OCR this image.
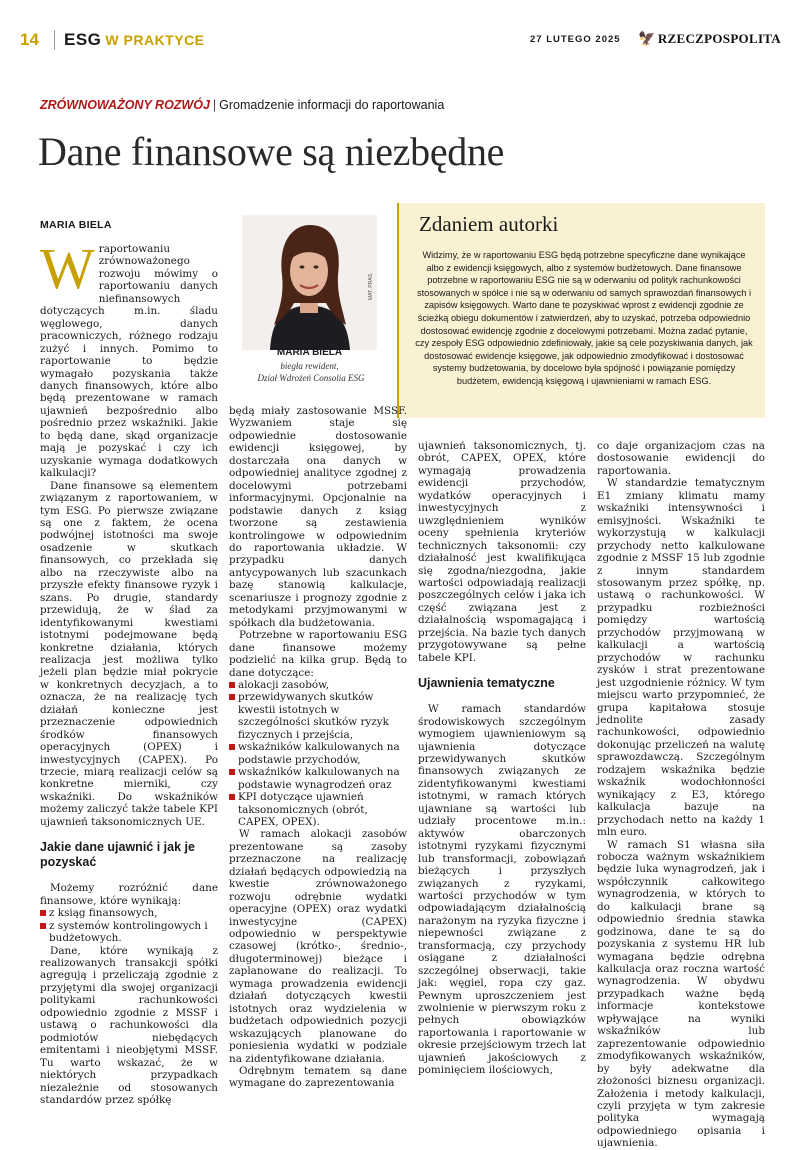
14 ESG W PRAKTYCE	27 LUTEGO 2025 🦅 RZECZPOSPOLITA
ZRÓWNOWAŻONY ROZWÓJ | Gromadzenie informacji do raportowania
Dane finansowe są niezbędne
MARIA BIELA

Wraportowaniu zrównoważonego rozwoju mówimy o raportowaniu danych niefinansowych dotyczących m.in. śladu węglowego, danych pracowniczych, różnego rodzaju zużyć i innych. Pomimo to raportowanie to będzie wymagało pozyskania także danych finansowych, które albo będą prezentowane w ramach ujawnień bezpośrednio albo pośrednio przez wskaźniki. Jakie to będą dane, skąd organizacje mają je pozyskać i czy ich uzyskanie wymaga dodatkowych kalkulacji?

Dane finansowe są elementem związanym z raportowaniem, w tym ESG. Po pierwsze związane są one z faktem, że ocena podwójnej istotności ma swoje osadzenie w skutkach finansowych, co przekłada się albo na rzeczywiste albo na przyszłe efekty finansowe ryzyk i szans. Po drugie, standardy przewidują, że w ślad za identyfikowanymi kwestiami istotnymi podejmowane będą konkretne działania, których realizacja jest możliwa tylko jeżeli plan będzie miał pokrycie w konkretnych decyzjach, a to oznacza, że na realizację tych działań konieczne jest przeznaczenie odpowiednich środków finansowych operacyjnych (OPEX) i inwestycyjnych (CAPEX). Po trzecie, miarą realizacji celów są konkretne mierniki, czy wskaźniki. Do wskaźników możemy zaliczyć także tabele KPI ujawnień taksonomicznych UE.

Jakie dane ujawnić i jak je pozyskać

Możemy rozróżnić dane finansowe, które wynikają:

z ksiąg finansowych,
z systemów kontrolingowych i budżetowych.

Dane, które wynikają z realizowanych transakcji spółki agregują i przeliczają zgodnie z przyjętymi dla swojej organizacji politykami rachunkowości odpowiednio zgodnie z MSSF i ustawą o rachunkowości dla podmiotów niebędących emitentami i nieobjętymi MSSF. Tu warto wskazać, że w niektórych przypadkach niezależnie od stosowanych standardów przez spółkę

MAT. PRAS.
MARIA BIELA
biegła rewident,
Dział Wdrożeń Consolia ESG
Zdaniem autorki
Widzimy, że w raportowaniu ESG będą potrzebne specyficzne dane wynikające albo z ewidencji księgowych, albo z systemów budżetowych. Dane finansowe potrzebne w raportowaniu ESG nie są w oderwaniu od polityk rachunkowości stosowanych w spółce i nie są w oderwaniu od samych sprawozdań finansowych i zapisów księgowych. Warto dane te pozyskiwać wprost z ewidencji zgodnie ze ścieżką obiegu dokumentów i zatwierdzeń, aby to uzyskać, potrzeba odpowiednio dostosować ewidencję zgodnie z docelowymi potrzebami. Można zadać pytanie, czy zespoły ESG odpowiednio zdefiniowały, jakie są cele pozyskiwania danych, jak dostosować ewidencje księgowe, jak odpowiednio zmodyfikować i dostosować systemy budżetowania, by docelowo była spójność i powiązanie pomiędzy budżetem, ewidencją księgową i ujawnieniami w ramach ESG.

będą miały zastosowanie MSSF. Wyzwaniem staje się odpowiednie dostosowanie ewidencji księgowej, by dostarczała ona danych w odpowiedniej analityce zgodnej z docelowymi potrzebami informacyjnymi. Opcjonalnie na podstawie danych z ksiąg tworzone są zestawienia kontrolingowe w odpowiednim do raportowania układzie. W przypadku danych antycypowanych lub szacunkach bazę stanowią kalkulacje, scenariusze i prognozy zgodnie z metodykami przyjmowanymi w spółkach dla budżetowania.

Potrzebne w raportowaniu ESG dane finansowe możemy podzielić na kilka grup. Będą to dane dotyczące:

alokacji zasobów,
przewidywanych skutków kwestii istotnych w szczególności skutków ryzyk fizycznych i przejścia,
wskaźników kalkulowanych na podstawie przychodów,
wskaźników kalkulowanych na podstawie wynagrodzeń oraz
KPI dotyczące ujawnień taksonomicznych (obrót, CAPEX, OPEX).

W ramach alokacji zasobów prezentowane są zasoby przeznaczone na realizację działań będących odpowiedzią na kwestie zrównoważonego rozwoju odrębnie wydatki operacyjne (OPEX) oraz wydatki inwestycyjne (CAPEX) odpowiednio w perspektywie czasowej (krótko-, średnio-, długoterminowej) bieżące i zaplanowane do realizacji. To wymaga prowadzenia ewidencji działań dotyczących kwestii istotnych oraz wydzielenia w budżetach odpowiednich pozycji wskazujących planowane do poniesienia wydatki w podziale na zidentyfikowane działania.

Odrębnym tematem są dane wymagane do zaprezentowania

ujawnień taksonomicznych, tj. obrót, CAPEX, OPEX, które wymagają prowadzenia ewidencji przychodów, wydatków operacyjnych i inwestycyjnych z uwzględnieniem wyników oceny spełnienia kryteriów technicznych taksonomii: czy działalność jest kwalifikująca się zgodna/niezgodna, jakie wartości odpowiadają realizacji poszczególnych celów i jaka ich część związana jest z działalnością wspomagającą i przejścia. Na bazie tych danych przygotowywane są pełne tabele KPI.

Ujawnienia tematyczne

W ramach standardów środowiskowych szczególnym wymogiem ujawnieniowym są ujawnienia dotyczące przewidywanych skutków finansowych związanych ze zidentyfikowanymi kwestiami istotnymi, w ramach których ujawniane są wartości lub udziały procentowe m.in.: aktywów obarczonych istotnymi ryzykami fizycznymi lub transformacji, zobowiązań bieżących i przyszłych związanych z ryzykami, wartości przychodów w tym odpowiadającym działalnością narażonym na ryzyka fizyczne i niepewności związane z transformacją, czy przychody osiągane z działalności szczególnej obserwacji, takie jak: węgiel, ropa czy gaz. Pewnym uproszczeniem jest zwolnienie w pierwszym roku z pełnych obowiązków raportowania i raportowanie w okresie przejściowym trzech lat ujawnień jakościowych z pominięciem ilościowych,

co daje organizacjom czas na dostosowanie ewidencji do raportowania.

W standardzie tematycznym E1 zmiany klimatu mamy wskaźniki intensywności i emisyjności. Wskaźniki te wykorzystują w kalkulacji przychody netto kalkulowane zgodnie z MSSF 15 lub zgodnie z innym standardem stosowanym przez spółkę, np. ustawą o rachunkowości. W przypadku rozbieżności pomiędzy wartością przychodów przyjmowaną w kalkulacji a wartością przychodów w rachunku zysków i strat prezentowane jest uzgodnienie różnicy. W tym miejscu warto przypomnieć, że grupa kapitałowa stosuje jednolite zasady rachunkowości, odpowiednio dokonując przeliczeń na walutę sprawozdawczą. Szczególnym rodzajem wskaźnika będzie wskaźnik wodochłonności wynikający z E3, którego kalkulacja bazuje na przychodach netto na każdy 1 mln euro.

W ramach S1 własna siła robocza ważnym wskaźnikiem będzie luka wynagrodzeń, jak i współczynnik całkowitego wynagrodzenia, w których to do kalkulacji brane są odpowiednio średnia stawka godzinowa, dane te są do pozyskania z systemu HR lub wymagana będzie odrębna kalkulacja oraz roczna wartość wynagrodzenia. W obydwu przypadkach ważne będą informacje kontekstowe wpływające na wyniki wskaźników lub zaprezentowanie odpowiednio zmodyfikowanych wskaźników, by były adekwatne dla złożoności biznesu organizacji. Założenia i metody kalkulacji, czyli przyjęta w tym zakresie polityka wymagają odpowiedniego opisania i ujawnienia.
